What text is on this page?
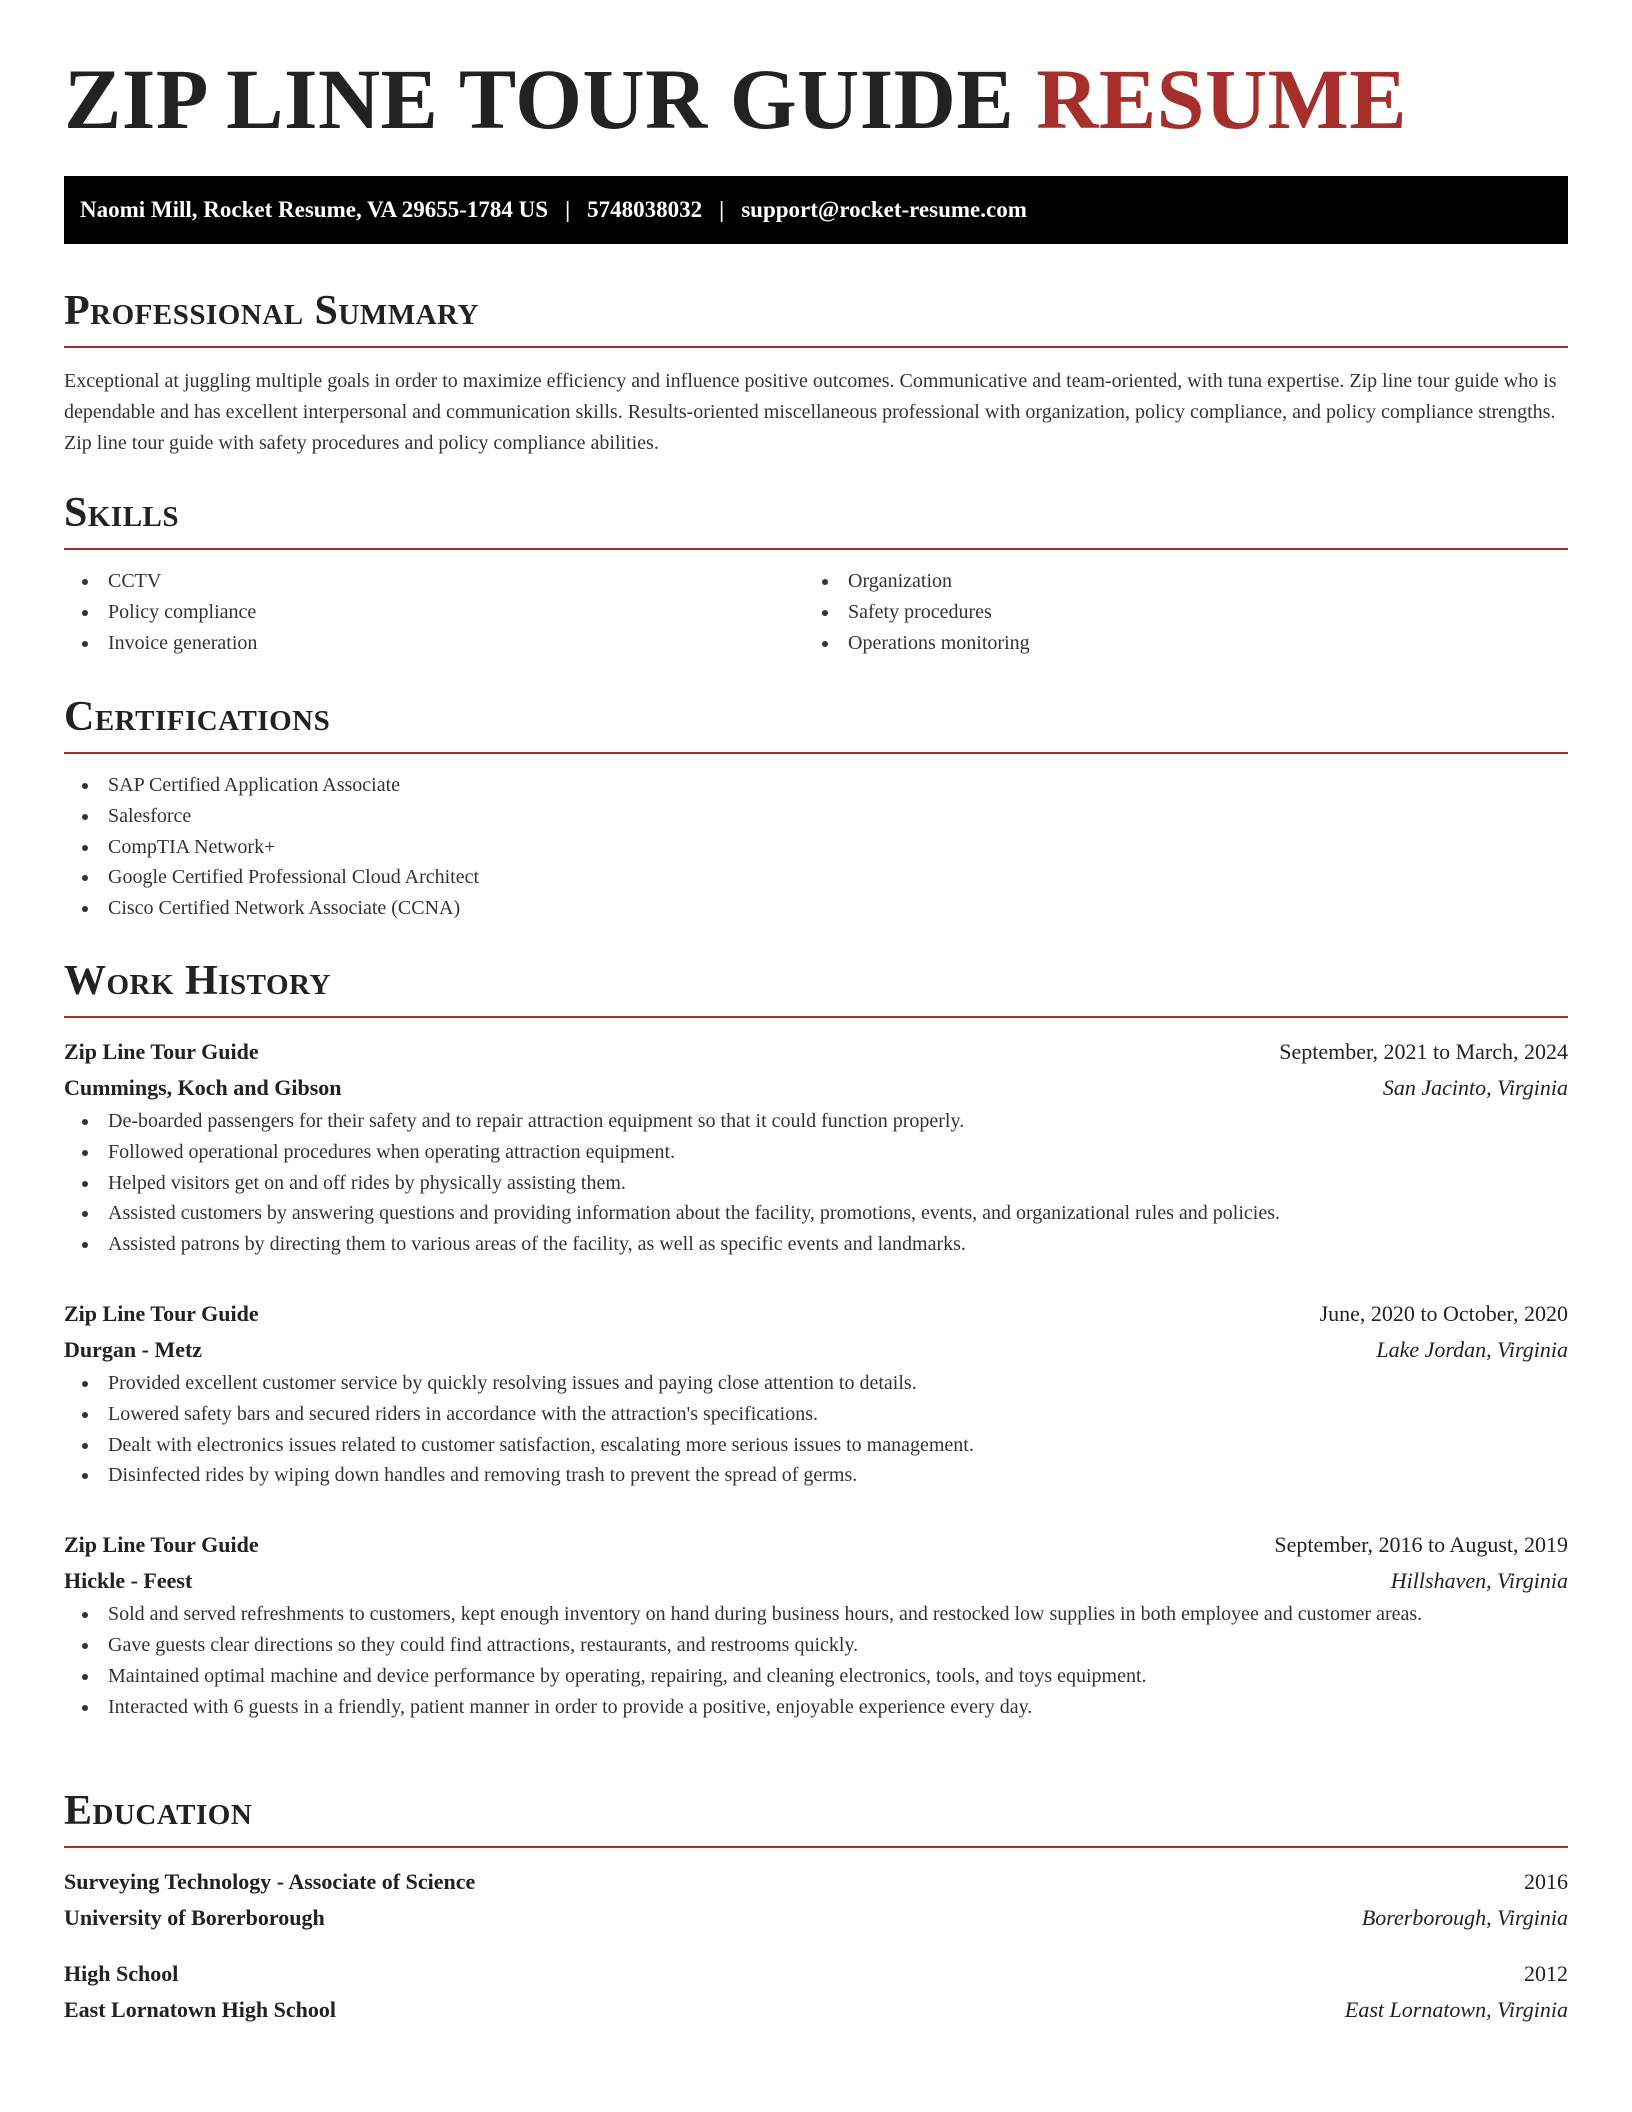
ZIP LINE TOUR GUIDE RESUME
Naomi Mill, Rocket Resume, VA 29655-1784 US | 5748038032 | support@rocket-resume.com
Professional Summary

Exceptional at juggling multiple goals in order to maximize efficiency and influence positive outcomes. Communicative and team-oriented, with tuna expertise. Zip line tour guide who is dependable and has excellent interpersonal and communication skills. Results-oriented miscellaneous professional with organization, policy compliance, and policy compliance strengths. Zip line tour guide with safety procedures and policy compliance abilities.

Skills
CCTV
Policy compliance
Invoice generation
Organization
Safety procedures
Operations monitoring
Certifications
SAP Certified Application Associate
Salesforce
CompTIA Network+
Google Certified Professional Cloud Architect
Cisco Certified Network Associate (CCNA)
Work History
Zip Line Tour Guide	September, 2021 to March, 2024
Cummings, Koch and Gibson	San Jacinto, Virginia
De-boarded passengers for their safety and to repair attraction equipment so that it could function properly.
Followed operational procedures when operating attraction equipment.
Helped visitors get on and off rides by physically assisting them.
Assisted customers by answering questions and providing information about the facility, promotions, events, and organizational rules and policies.
Assisted patrons by directing them to various areas of the facility, as well as specific events and landmarks.
Zip Line Tour Guide	June, 2020 to October, 2020
Durgan - Metz	Lake Jordan, Virginia
Provided excellent customer service by quickly resolving issues and paying close attention to details.
Lowered safety bars and secured riders in accordance with the attraction's specifications.
Dealt with electronics issues related to customer satisfaction, escalating more serious issues to management.
Disinfected rides by wiping down handles and removing trash to prevent the spread of germs.
Zip Line Tour Guide	September, 2016 to August, 2019
Hickle - Feest	Hillshaven, Virginia
Sold and served refreshments to customers, kept enough inventory on hand during business hours, and restocked low supplies in both employee and customer areas.
Gave guests clear directions so they could find attractions, restaurants, and restrooms quickly.
Maintained optimal machine and device performance by operating, repairing, and cleaning electronics, tools, and toys equipment.
Interacted with 6 guests in a friendly, patient manner in order to provide a positive, enjoyable experience every day.
Education
Surveying Technology - Associate of Science	2016
University of Borerborough	Borerborough, Virginia
High School	2012
East Lornatown High School	East Lornatown, Virginia
